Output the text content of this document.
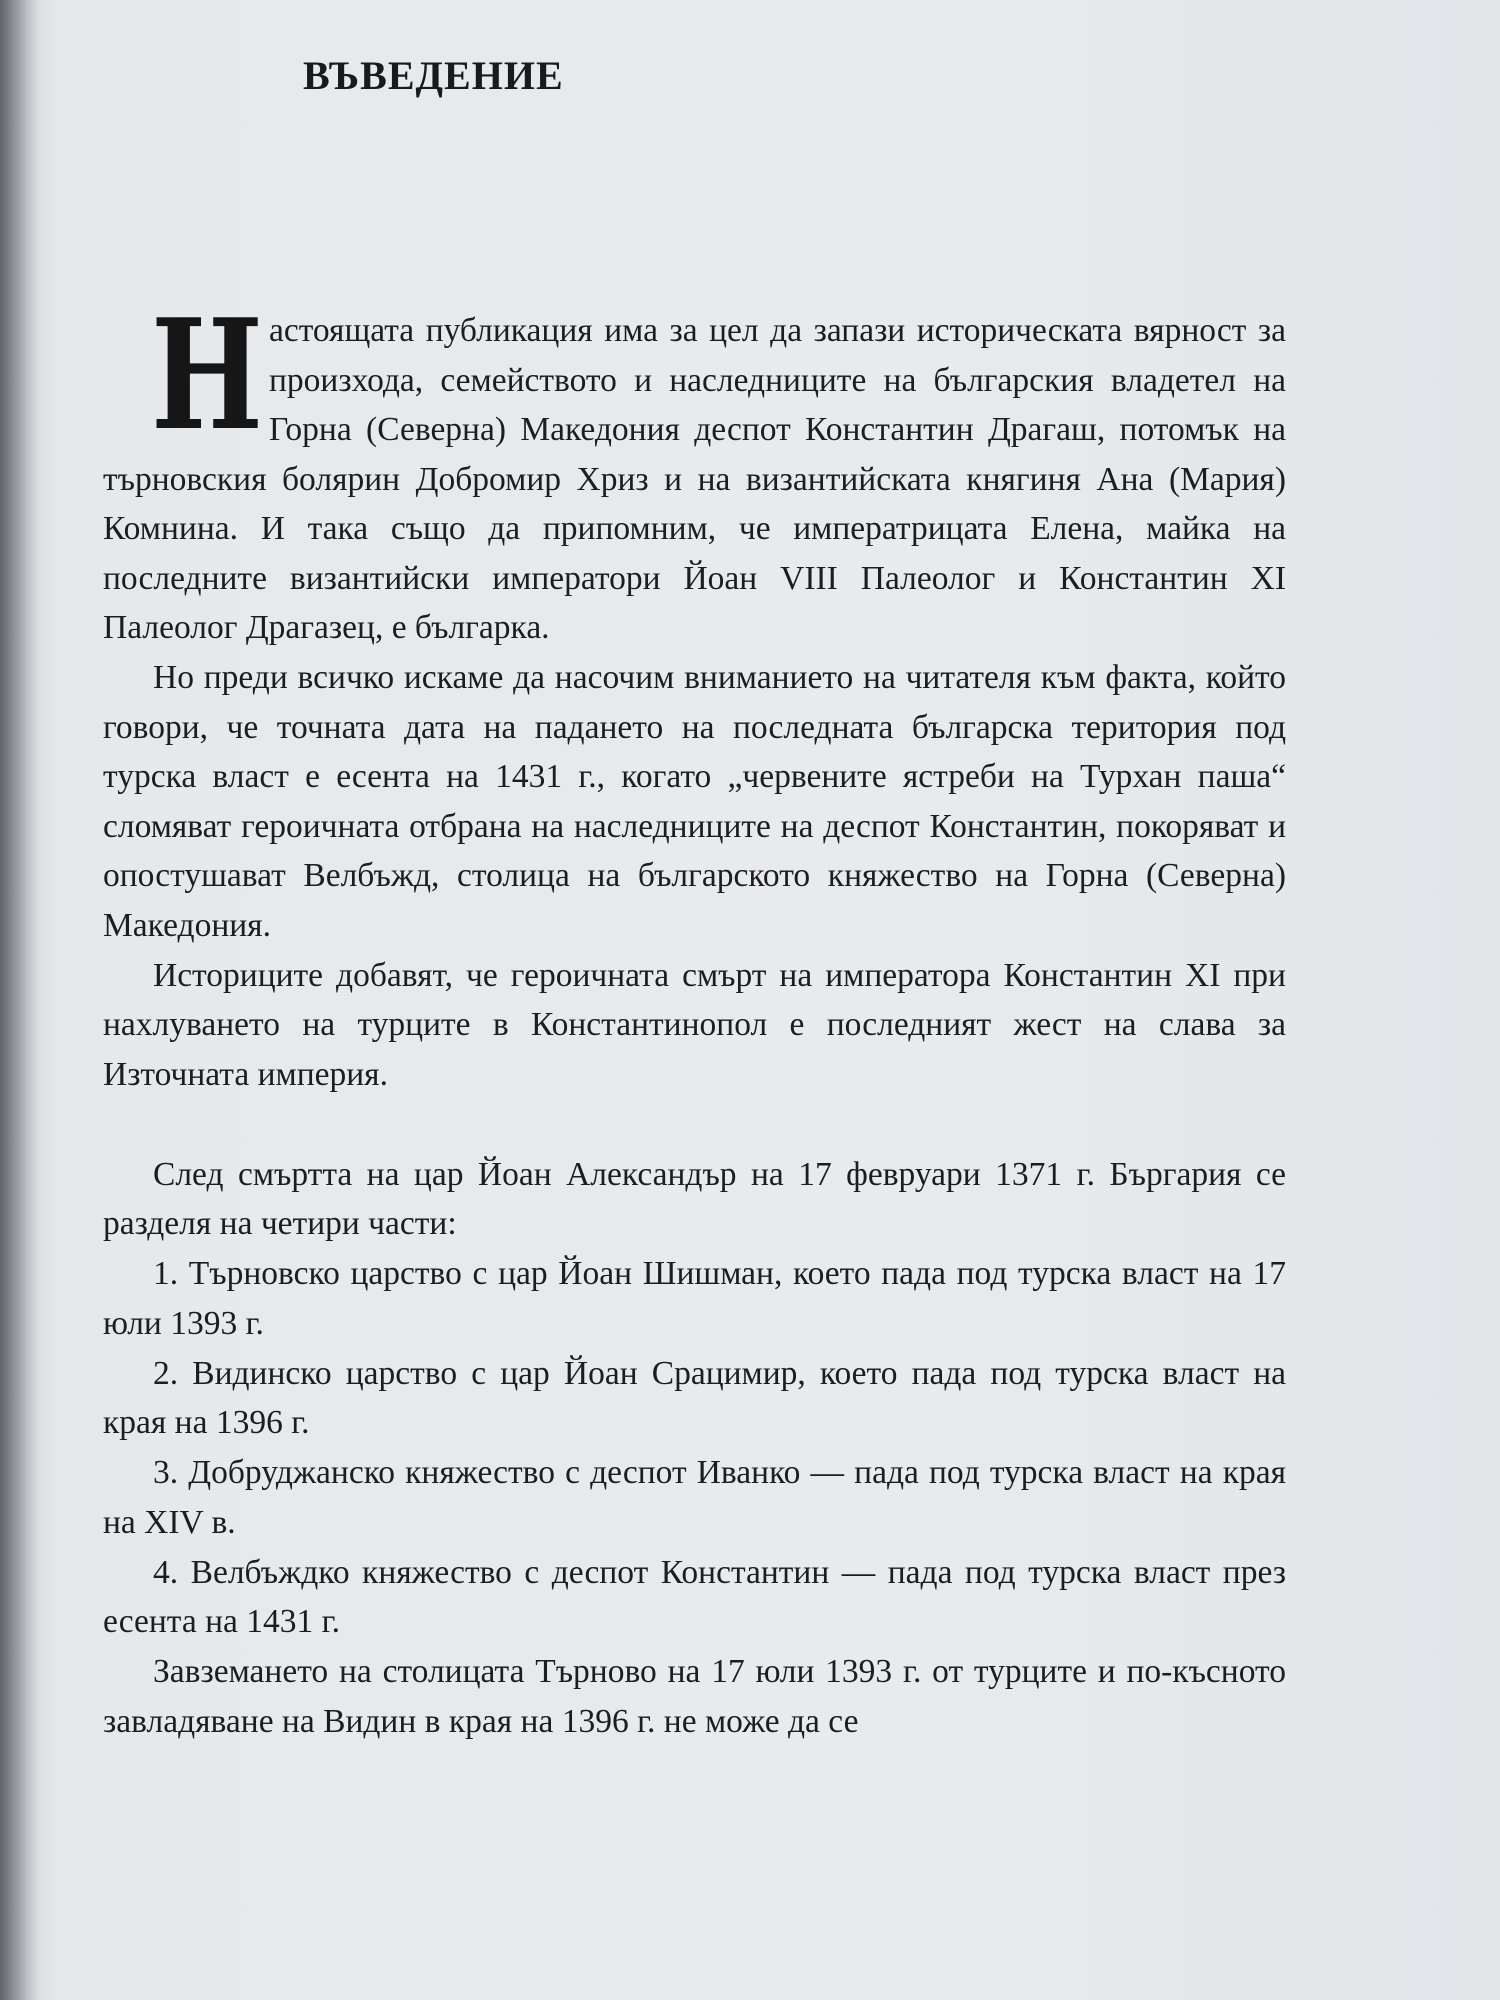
ВЪВЕДЕНИЕ

Настоящата публикация има за цел да запази историческата вярност за произхода, семейството и наследниците на българския владетел на Горна (Северна) Македония деспот Константин Драгаш, потомък на търновския болярин Добромир Хриз и на византийската княгиня Ана (Мария) Комнина. И така също да припомним, че императрицата Елена, майка на последните византийски императори Йоан VIII Палеолог и Константин XI Палеолог Драгазец, е българка.

Но преди всичко искаме да насочим вниманието на читателя към факта, който говори, че точната дата на падането на последната българска територия под турска власт е есента на 1431 г., когато „червените ястреби на Турхан паша“ сломяват героичната отбрана на наследниците на деспот Константин, покоряват и опостушават Велбъжд, столица на българското княжество на Горна (Северна) Македония.

Историците добавят, че героичната смърт на императора Константин XI при нахлуването на турците в Константинопол е последният жест на слава за Източната империя.

След смъртта на цар Йоан Александър на 17 февруари 1371 г. Бъргария се разделя на четири части:

1. Търновско царство с цар Йоан Шишман, което пада под турска власт на 17 юли 1393 г.

2. Видинско царство с цар Йоан Срацимир, което пада под турска власт на края на 1396 г.

3. Добруджанско княжество с деспот Иванко — пада под турска власт на края на XIV в.

4. Велбъждко княжество с деспот Константин — пада под турска власт през есента на 1431 г.

Завземането на столицата Търново на 17 юли 1393 г. от турците и по-късното завладяване на Видин в края на 1396 г. не може да се
